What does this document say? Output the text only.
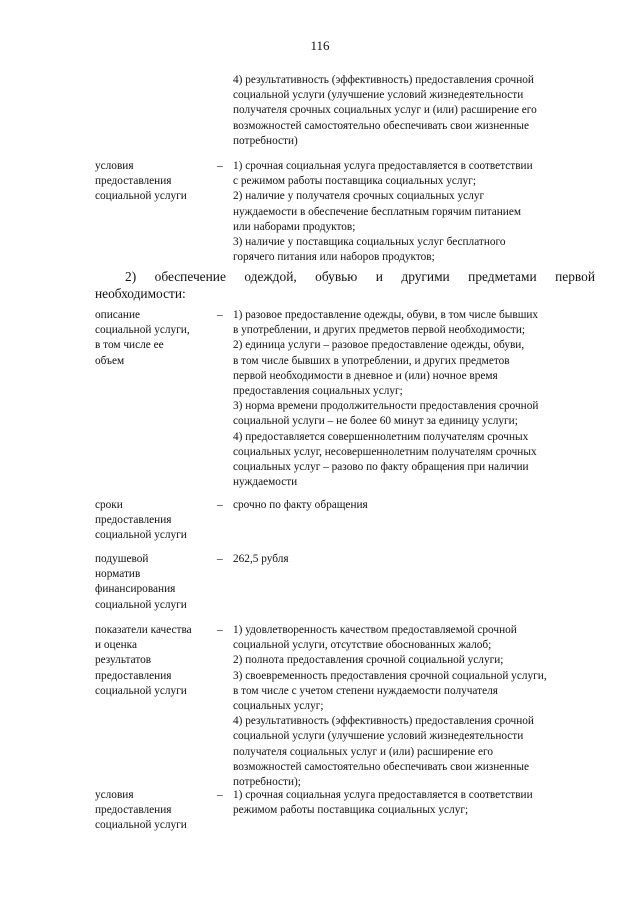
116
4) результативность (эффективность) предоставления срочной
социальной услуги (улучшение условий жизнедеятельности
получателя срочных социальных услуг и (или) расширение его
возможностей самостоятельно обеспечивать свои жизненные
потребности)
условия
предоставления
социальной услуги
– 1) срочная социальная услуга предоставляется в соответствии
с режимом работы поставщика социальных услуг;
2) наличие у получателя срочных социальных услуг
нуждаемости в обеспечение бесплатным горячим питанием
или наборами продуктов;
3) наличие у поставщика социальных услуг бесплатного
горячего питания или наборов продуктов;
2) обеспечение одеждой, обувью и другими предметами первой
необходимости:
описание
социальной услуги,
в том числе ее
объем
– 1) разовое предоставление одежды, обуви, в том числе бывших
в употреблении, и других предметов первой необходимости;
2) единица услуги – разовое предоставление одежды, обуви,
в том числе бывших в употреблении, и других предметов
первой необходимости в дневное и (или) ночное время
предоставления социальных услуг;
3) норма времени продолжительности предоставления срочной
социальной услуги – не более 60 минут за единицу услуги;
4) предоставляется совершеннолетним получателям срочных
социальных услуг, несовершеннолетним получателям срочных
социальных услуг – разово по факту обращения при наличии
нуждаемости
сроки
предоставления
социальной услуги
– срочно по факту обращения
подушевой
норматив
финансирования
социальной услуги
– 262,5 рубля
показатели качества
и оценка
результатов
предоставления
социальной услуги
– 1) удовлетворенность качеством предоставляемой срочной
социальной услуги, отсутствие обоснованных жалоб;
2) полнота предоставления срочной социальной услуги;
3) своевременность предоставления срочной социальной услуги,
в том числе с учетом степени нуждаемости получателя
социальных услуг;
4) результативность (эффективность) предоставления срочной
социальной услуги (улучшение условий жизнедеятельности
получателя социальных услуг и (или) расширение его
возможностей самостоятельно обеспечивать свои жизненные
потребности);
условия
предоставления
социальной услуги
– 1) срочная социальная услуга предоставляется в соответствии
режимом работы поставщика социальных услуг;
